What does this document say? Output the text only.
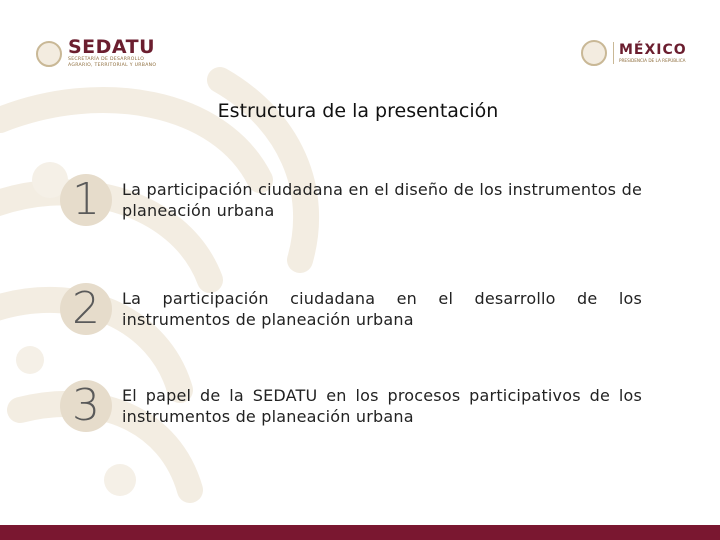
SEDATU
SECRETARÍA DE DESARROLLO
AGRARIO, TERRITORIAL Y URBANO
MÉXICO
PRESIDENCIA DE LA REPÚBLICA
Estructura de la presentación
1 La participación ciudadana en el diseño de los instrumentos de planeación urbana
2 La participación ciudadana en el desarrollo de los instrumentos de planeación urbana
3 El papel de la SEDATU en los procesos participativos de los instrumentos de planeación urbana
